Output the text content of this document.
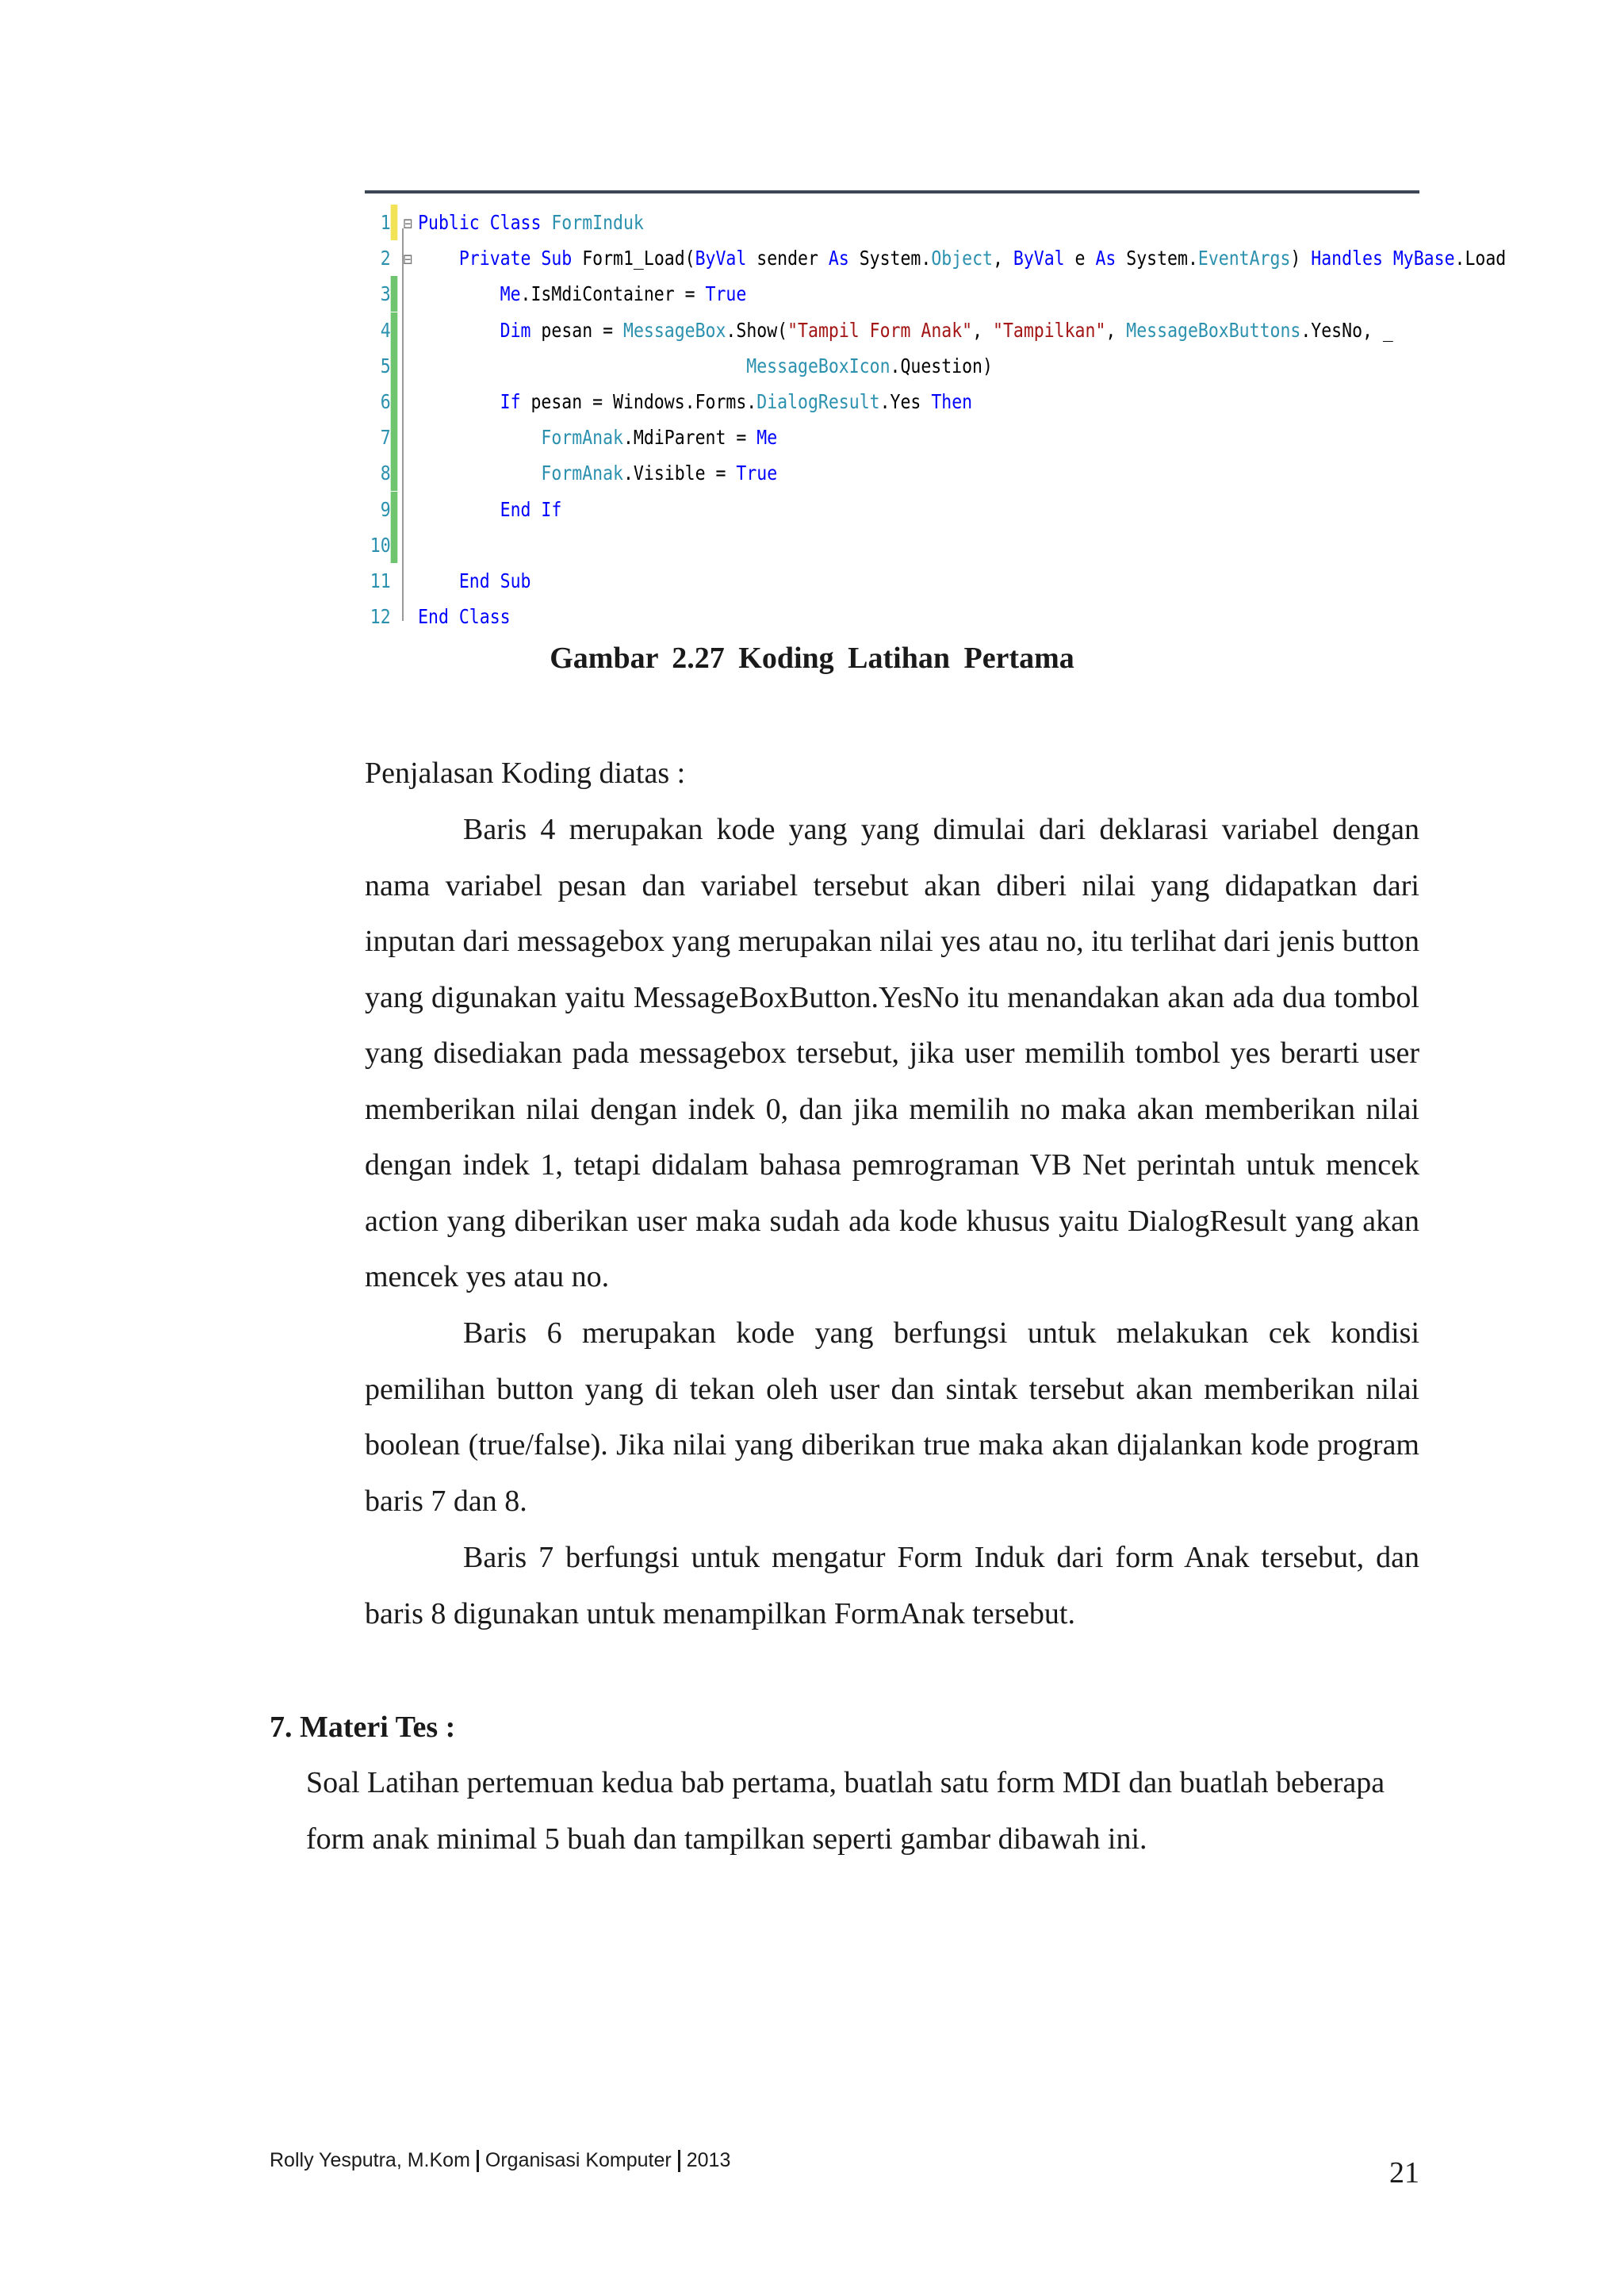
1 ⊟ Public Class FormInduk
2 ⊟ Private Sub Form1_Load(ByVal sender As System.Object, ByVal e As System.EventArgs) Handles MyBase.Load
3	Me.IsMdiContainer = True
4	Dim pesan = MessageBox.Show("Tampil Form Anak", "Tampilkan", MessageBoxButtons.YesNo, _
5	MessageBoxIcon.Question)
6	If pesan = Windows.Forms.DialogResult.Yes Then
7	FormAnak.MdiParent = Me
8	FormAnak.Visible = True
9	End If
10
11	End Sub
12 End Class
Gambar 2.27 Koding Latihan Pertama
Penjalasan Koding diatas :

Baris 4 merupakan kode yang yang dimulai dari deklarasi variabel dengan nama variabel pesan dan variabel tersebut akan diberi nilai yang didapatkan dari inputan dari messagebox yang merupakan nilai yes atau no, itu terlihat dari jenis button yang digunakan yaitu MessageBoxButton.YesNo itu menandakan akan ada dua tombol yang disediakan pada messagebox tersebut, jika user memilih tombol yes berarti user memberikan nilai dengan indek 0, dan jika memilih no maka akan memberikan nilai dengan indek 1, tetapi didalam bahasa pemrograman VB Net perintah untuk mencek action yang diberikan user maka sudah ada kode khusus yaitu DialogResult yang akan mencek yes atau no.

Baris 6 merupakan kode yang berfungsi untuk melakukan cek kondisi pemilihan button yang di tekan oleh user dan sintak tersebut akan memberikan nilai boolean (true/false). Jika nilai yang diberikan true maka akan dijalankan kode program baris 7 dan 8.

Baris 7 berfungsi untuk mengatur Form Induk dari form Anak tersebut, dan baris 8 digunakan untuk menampilkan FormAnak tersebut.

7. Materi Tes :
Soal Latihan pertemuan kedua bab pertama, buatlah satu form MDI dan buatlah beberapa form anak minimal 5 buah dan tampilkan seperti gambar dibawah ini.
Rolly Yesputra, M.Kom Organisasi Komputer 2013	21
